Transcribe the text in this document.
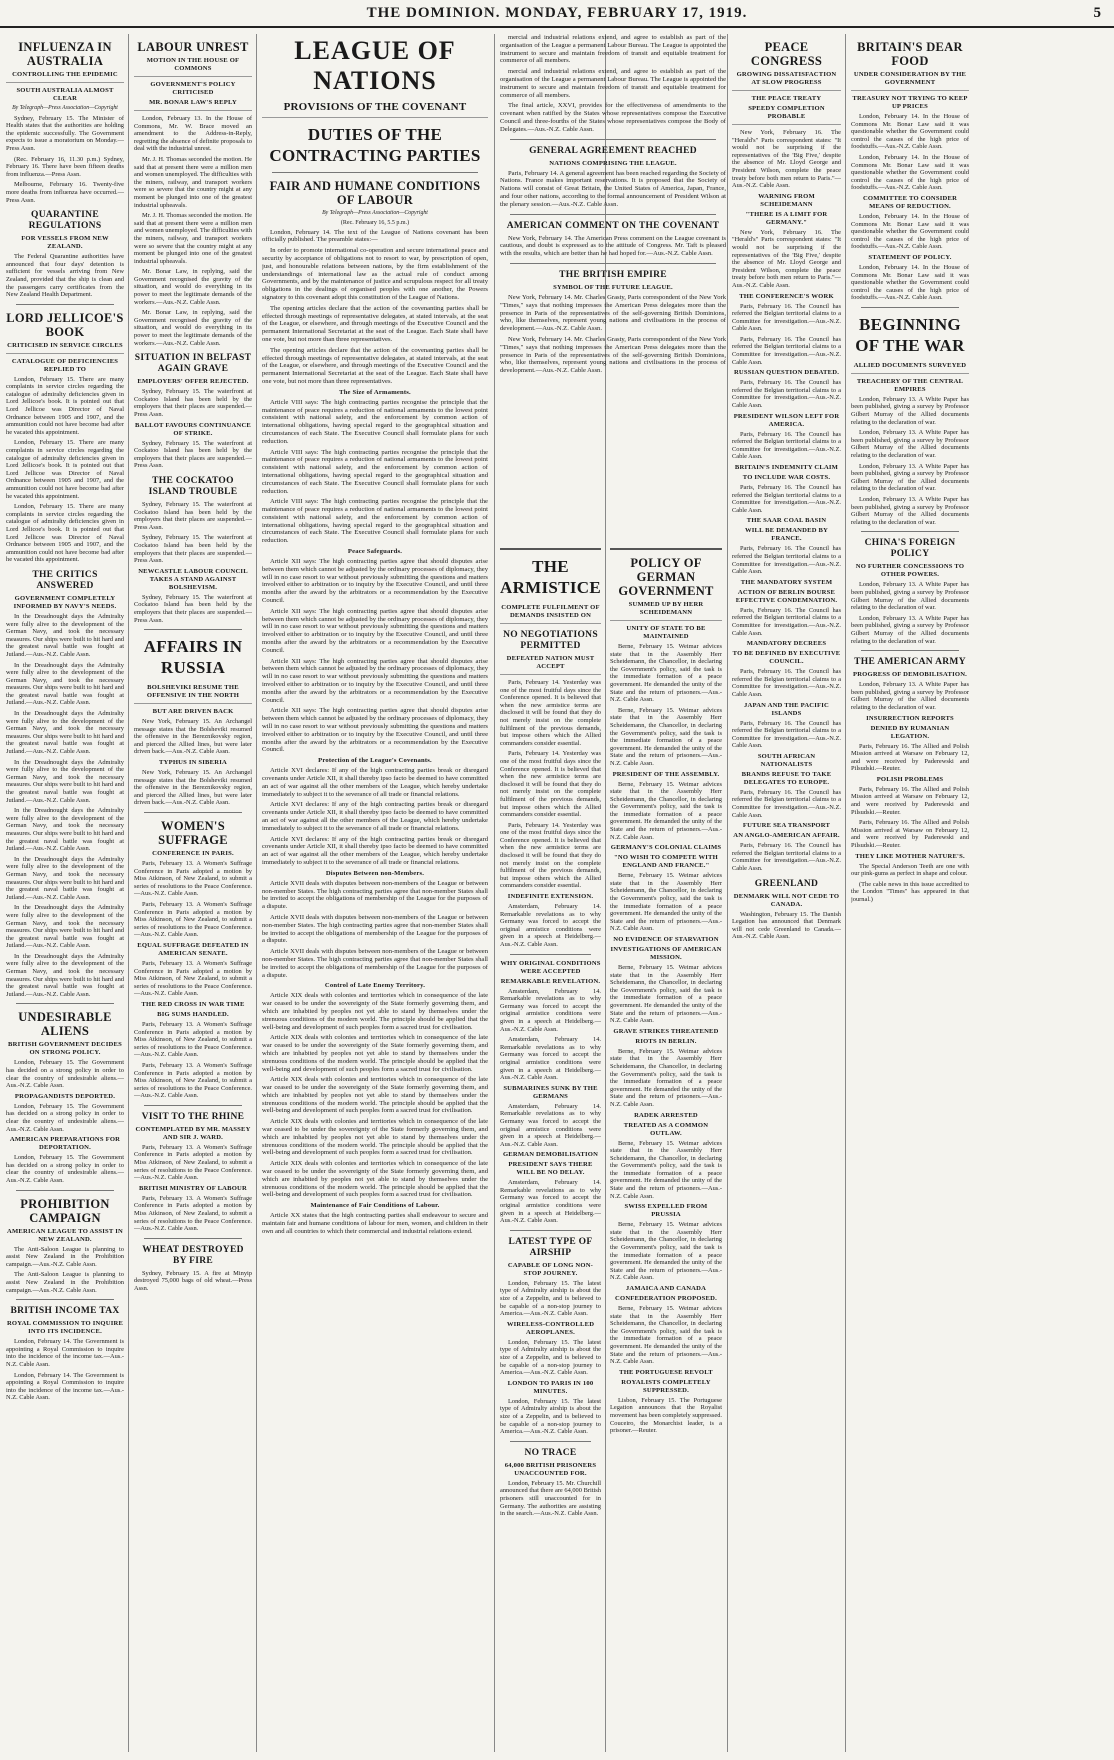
THE DOMINION. MONDAY, FEBRUARY 17, 1919.	5
INFLUENZA IN AUSTRALIA
CONTROLLING THE EPIDEMIC
SOUTH AUSTRALIA ALMOST CLEAR
By Telegraph—Press Association—Copyright

Sydney, February 15. The Minister of Health states that the authorities are holding the epidemic successfully. The Government expects to issue a moratorium on Monday.—Press Assn.

(Rec. February 16, 11.30 p.m.) Sydney, February 16. There have been fifteen deaths from influenza.—Press Assn.

Melbourne, February 16. Twenty-five more deaths from influenza have occurred.—Press Assn.

QUARANTINE REGULATIONS
FOR VESSELS FROM NEW ZEALAND.

The Federal Quarantine authorities have announced that four days' detention is sufficient for vessels arriving from New Zealand, provided that the ship is clean and the passengers carry certificates from the New Zealand Health Department.

LORD JELLICOE'S BOOK
CRITICISED IN SERVICE CIRCLES
CATALOGUE OF DEFICIENCIES REPLIED TO

London, February 15. There are many complaints in service circles regarding the catalogue of admiralty deficiencies given in Lord Jellicoe's book. It is pointed out that Lord Jellicoe was Director of Naval Ordnance between 1905 and 1907, and the ammunition could not have become bad after he vacated this appointment.

London, February 15. There are many complaints in service circles regarding the catalogue of admiralty deficiencies given in Lord Jellicoe's book. It is pointed out that Lord Jellicoe was Director of Naval Ordnance between 1905 and 1907, and the ammunition could not have become bad after he vacated this appointment.

London, February 15. There are many complaints in service circles regarding the catalogue of admiralty deficiencies given in Lord Jellicoe's book. It is pointed out that Lord Jellicoe was Director of Naval Ordnance between 1905 and 1907, and the ammunition could not have become bad after he vacated this appointment.

THE CRITICS ANSWERED
GOVERNMENT COMPLETELY INFORMED BY NAVY'S NEEDS.

In the Dreadnought days the Admiralty were fully alive to the development of the German Navy, and took the necessary measures. Our ships were built to hit hard and the greatest naval battle was fought at Jutland.—Aus.-N.Z. Cable Assn.

In the Dreadnought days the Admiralty were fully alive to the development of the German Navy, and took the necessary measures. Our ships were built to hit hard and the greatest naval battle was fought at Jutland.—Aus.-N.Z. Cable Assn.

In the Dreadnought days the Admiralty were fully alive to the development of the German Navy, and took the necessary measures. Our ships were built to hit hard and the greatest naval battle was fought at Jutland.—Aus.-N.Z. Cable Assn.

In the Dreadnought days the Admiralty were fully alive to the development of the German Navy, and took the necessary measures. Our ships were built to hit hard and the greatest naval battle was fought at Jutland.—Aus.-N.Z. Cable Assn.

In the Dreadnought days the Admiralty were fully alive to the development of the German Navy, and took the necessary measures. Our ships were built to hit hard and the greatest naval battle was fought at Jutland.—Aus.-N.Z. Cable Assn.

In the Dreadnought days the Admiralty were fully alive to the development of the German Navy, and took the necessary measures. Our ships were built to hit hard and the greatest naval battle was fought at Jutland.—Aus.-N.Z. Cable Assn.

In the Dreadnought days the Admiralty were fully alive to the development of the German Navy, and took the necessary measures. Our ships were built to hit hard and the greatest naval battle was fought at Jutland.—Aus.-N.Z. Cable Assn.

In the Dreadnought days the Admiralty were fully alive to the development of the German Navy, and took the necessary measures. Our ships were built to hit hard and the greatest naval battle was fought at Jutland.—Aus.-N.Z. Cable Assn.

UNDESIRABLE ALIENS
BRITISH GOVERNMENT DECIDES ON STRONG POLICY.

London, February 15. The Government has decided on a strong policy in order to clear the country of undesirable aliens.—Aus.-N.Z. Cable Assn.

PROPAGANDISTS DEPORTED.

London, February 15. The Government has decided on a strong policy in order to clear the country of undesirable aliens.—Aus.-N.Z. Cable Assn.

AMERICAN PREPARATIONS FOR DEPORTATION.

London, February 15. The Government has decided on a strong policy in order to clear the country of undesirable aliens.—Aus.-N.Z. Cable Assn.

PROHIBITION CAMPAIGN
AMERICAN LEAGUE TO ASSIST IN NEW ZEALAND.

The Anti-Saloon League is planning to assist New Zealand in the Prohibition campaign.—Aus.-N.Z. Cable Assn.

The Anti-Saloon League is planning to assist New Zealand in the Prohibition campaign.—Aus.-N.Z. Cable Assn.

BRITISH INCOME TAX
ROYAL COMMISSION TO INQUIRE INTO ITS INCIDENCE.

London, February 14. The Government is appointing a Royal Commission to inquire into the incidence of the income tax.—Aus.-N.Z. Cable Assn.

London, February 14. The Government is appointing a Royal Commission to inquire into the incidence of the income tax.—Aus.-N.Z. Cable Assn.

LABOUR UNREST
MOTION IN THE HOUSE OF COMMONS
GOVERNMENT'S POLICY CRITICISED
MR. BONAR LAW'S REPLY

London, February 13. In the House of Commons, Mr. W. Brace moved an amendment to the Address-in-Reply, regretting the absence of definite proposals to deal with the industrial unrest.

Mr. J. H. Thomas seconded the motion. He said that at present there were a million men and women unemployed. The difficulties with the miners, railway, and transport workers were so severe that the country might at any moment be plunged into one of the greatest industrial upheavals.

Mr. J. H. Thomas seconded the motion. He said that at present there were a million men and women unemployed. The difficulties with the miners, railway, and transport workers were so severe that the country might at any moment be plunged into one of the greatest industrial upheavals.

Mr. Bonar Law, in replying, said the Government recognised the gravity of the situation, and would do everything in its power to meet the legitimate demands of the workers.—Aus.-N.Z. Cable Assn.

Mr. Bonar Law, in replying, said the Government recognised the gravity of the situation, and would do everything in its power to meet the legitimate demands of the workers.—Aus.-N.Z. Cable Assn.

SITUATION IN BELFAST AGAIN GRAVE
EMPLOYERS' OFFER REJECTED.

Sydney, February 15. The waterfront at Cockatoo Island has been held by the employers that their places are suspended.—Press Assn.

BALLOT FAVOURS CONTINUANCE OF STRIKE.

Sydney, February 15. The waterfront at Cockatoo Island has been held by the employers that their places are suspended.—Press Assn.

THE COCKATOO ISLAND TROUBLE

Sydney, February 15. The waterfront at Cockatoo Island has been held by the employers that their places are suspended.—Press Assn.

Sydney, February 15. The waterfront at Cockatoo Island has been held by the employers that their places are suspended.—Press Assn.

NEWCASTLE LABOUR COUNCIL TAKES A STAND AGAINST BOLSHEVISM.

Sydney, February 15. The waterfront at Cockatoo Island has been held by the employers that their places are suspended.—Press Assn.

AFFAIRS IN RUSSIA
BOLSHEVIKI RESUME THE OFFENSIVE IN THE NORTH
BUT ARE DRIVEN BACK

New York, February 15. An Archangel message states that the Bolsheviki resumed the offensive in the Bereznikovsky region, and pierced the Allied lines, but were later driven back.—Aus.-N.Z. Cable Assn.

TYPHUS IN SIBERIA

New York, February 15. An Archangel message states that the Bolsheviki resumed the offensive in the Bereznikovsky region, and pierced the Allied lines, but were later driven back.—Aus.-N.Z. Cable Assn.

WOMEN'S SUFFRAGE
CONFERENCE IN PARIS.

Paris, February 13. A Women's Suffrage Conference in Paris adopted a motion by Miss Atkinson, of New Zealand, to submit a series of resolutions to the Peace Conference.—Aus.-N.Z. Cable Assn.

Paris, February 13. A Women's Suffrage Conference in Paris adopted a motion by Miss Atkinson, of New Zealand, to submit a series of resolutions to the Peace Conference.—Aus.-N.Z. Cable Assn.

EQUAL SUFFRAGE DEFEATED IN AMERICAN SENATE.

Paris, February 13. A Women's Suffrage Conference in Paris adopted a motion by Miss Atkinson, of New Zealand, to submit a series of resolutions to the Peace Conference.—Aus.-N.Z. Cable Assn.

THE RED CROSS IN WAR TIME
BIG SUMS HANDLED.

Paris, February 13. A Women's Suffrage Conference in Paris adopted a motion by Miss Atkinson, of New Zealand, to submit a series of resolutions to the Peace Conference.—Aus.-N.Z. Cable Assn.

Paris, February 13. A Women's Suffrage Conference in Paris adopted a motion by Miss Atkinson, of New Zealand, to submit a series of resolutions to the Peace Conference.—Aus.-N.Z. Cable Assn.

VISIT TO THE RHINE
CONTEMPLATED BY MR. MASSEY AND SIR J. WARD.

Paris, February 13. A Women's Suffrage Conference in Paris adopted a motion by Miss Atkinson, of New Zealand, to submit a series of resolutions to the Peace Conference.—Aus.-N.Z. Cable Assn.

BRITISH MINISTRY OF LABOUR

Paris, February 13. A Women's Suffrage Conference in Paris adopted a motion by Miss Atkinson, of New Zealand, to submit a series of resolutions to the Peace Conference.—Aus.-N.Z. Cable Assn.

WHEAT DESTROYED BY FIRE

Sydney, February 15. A fire at Minyip destroyed 75,000 bags of old wheat.—Press Assn.

LEAGUE OF NATIONS
PROVISIONS OF THE COVENANT
DUTIES OF THE CONTRACTING PARTIES
FAIR AND HUMANE CONDITIONS OF LABOUR
By Telegraph—Press Association—Copyright
(Rec. February 16, 5.5 p.m.)

London, February 14. The text of the League of Nations covenant has been officially published. The preamble states:—

In order to promote international co-operation and secure international peace and security by acceptance of obligations not to resort to war, by prescription of open, just, and honourable relations between nations, by the firm establishment of the understandings of international law as the actual rule of conduct among Governments, and by the maintenance of justice and scrupulous respect for all treaty obligations in the dealings of organised peoples with one another, the Powers signatory to this covenant adopt this constitution of the League of Nations.

The opening articles declare that the action of the covenanting parties shall be effected through meetings of representative delegates, at stated intervals, at the seat of the League, or elsewhere, and through meetings of the Executive Council and the permanent International Secretariat at the seat of the League. Each State shall have one vote, but not more than three representatives.

The opening articles declare that the action of the covenanting parties shall be effected through meetings of representative delegates, at stated intervals, at the seat of the League, or elsewhere, and through meetings of the Executive Council and the permanent International Secretariat at the seat of the League. Each State shall have one vote, but not more than three representatives.

The Size of Armaments.

Article VIII says: The high contracting parties recognise the principle that the maintenance of peace requires a reduction of national armaments to the lowest point consistent with national safety, and the enforcement by common action of international obligations, having special regard to the geographical situation and circumstances of each State. The Executive Council shall formulate plans for such reduction.

Article VIII says: The high contracting parties recognise the principle that the maintenance of peace requires a reduction of national armaments to the lowest point consistent with national safety, and the enforcement by common action of international obligations, having special regard to the geographical situation and circumstances of each State. The Executive Council shall formulate plans for such reduction.

Article VIII says: The high contracting parties recognise the principle that the maintenance of peace requires a reduction of national armaments to the lowest point consistent with national safety, and the enforcement by common action of international obligations, having special regard to the geographical situation and circumstances of each State. The Executive Council shall formulate plans for such reduction.

Peace Safeguards.

Article XII says: The high contracting parties agree that should disputes arise between them which cannot be adjusted by the ordinary processes of diplomacy, they will in no case resort to war without previously submitting the questions and matters involved either to arbitration or to inquiry by the Executive Council, and until three months after the award by the arbitrators or a recommendation by the Executive Council.

Article XII says: The high contracting parties agree that should disputes arise between them which cannot be adjusted by the ordinary processes of diplomacy, they will in no case resort to war without previously submitting the questions and matters involved either to arbitration or to inquiry by the Executive Council, and until three months after the award by the arbitrators or a recommendation by the Executive Council.

Article XII says: The high contracting parties agree that should disputes arise between them which cannot be adjusted by the ordinary processes of diplomacy, they will in no case resort to war without previously submitting the questions and matters involved either to arbitration or to inquiry by the Executive Council, and until three months after the award by the arbitrators or a recommendation by the Executive Council.

Article XII says: The high contracting parties agree that should disputes arise between them which cannot be adjusted by the ordinary processes of diplomacy, they will in no case resort to war without previously submitting the questions and matters involved either to arbitration or to inquiry by the Executive Council, and until three months after the award by the arbitrators or a recommendation by the Executive Council.

Protection of the League's Covenants.

Article XVI declares: If any of the high contracting parties break or disregard covenants under Article XII, it shall thereby ipso facto be deemed to have committed an act of war against all the other members of the League, which hereby undertake immediately to subject it to the severance of all trade or financial relations.

Article XVI declares: If any of the high contracting parties break or disregard covenants under Article XII, it shall thereby ipso facto be deemed to have committed an act of war against all the other members of the League, which hereby undertake immediately to subject it to the severance of all trade or financial relations.

Article XVI declares: If any of the high contracting parties break or disregard covenants under Article XII, it shall thereby ipso facto be deemed to have committed an act of war against all the other members of the League, which hereby undertake immediately to subject it to the severance of all trade or financial relations.

Disputes Between non-Members.

Article XVII deals with disputes between non-members of the League or between non-member States. The high contracting parties agree that non-member States shall be invited to accept the obligations of membership of the League for the purposes of a dispute.

Article XVII deals with disputes between non-members of the League or between non-member States. The high contracting parties agree that non-member States shall be invited to accept the obligations of membership of the League for the purposes of a dispute.

Article XVII deals with disputes between non-members of the League or between non-member States. The high contracting parties agree that non-member States shall be invited to accept the obligations of membership of the League for the purposes of a dispute.

Control of Late Enemy Territory.

Article XIX deals with colonies and territories which in consequence of the late war ceased to be under the sovereignty of the State formerly governing them, and which are inhabited by peoples not yet able to stand by themselves under the strenuous conditions of the modern world. The principle should be applied that the well-being and development of such peoples form a sacred trust for civilisation.

Article XIX deals with colonies and territories which in consequence of the late war ceased to be under the sovereignty of the State formerly governing them, and which are inhabited by peoples not yet able to stand by themselves under the strenuous conditions of the modern world. The principle should be applied that the well-being and development of such peoples form a sacred trust for civilisation.

Article XIX deals with colonies and territories which in consequence of the late war ceased to be under the sovereignty of the State formerly governing them, and which are inhabited by peoples not yet able to stand by themselves under the strenuous conditions of the modern world. The principle should be applied that the well-being and development of such peoples form a sacred trust for civilisation.

Article XIX deals with colonies and territories which in consequence of the late war ceased to be under the sovereignty of the State formerly governing them, and which are inhabited by peoples not yet able to stand by themselves under the strenuous conditions of the modern world. The principle should be applied that the well-being and development of such peoples form a sacred trust for civilisation.

Article XIX deals with colonies and territories which in consequence of the late war ceased to be under the sovereignty of the State formerly governing them, and which are inhabited by peoples not yet able to stand by themselves under the strenuous conditions of the modern world. The principle should be applied that the well-being and development of such peoples form a sacred trust for civilisation.

Maintenance of Fair Conditions of Labour.

Article XX states that the high contracting parties shall endeavour to secure and maintain fair and humane conditions of labour for men, women, and children in their own and all countries to which their commercial and industrial relations extend.

mercial and industrial relations extend, and agree to establish as part of the organisation of the League a permanent Labour Bureau. The League is appointed the instrument to secure and maintain freedom of transit and equitable treatment for commerce of all members.

mercial and industrial relations extend, and agree to establish as part of the organisation of the League a permanent Labour Bureau. The League is appointed the instrument to secure and maintain freedom of transit and equitable treatment for commerce of all members.

The final article, XXVI, provides for the effectiveness of amendments to the covenant when ratified by the States whose representatives compose the Executive Council and three-fourths of the States whose representatives compose the Body of Delegates.—Aus.-N.Z. Cable Assn.

GENERAL AGREEMENT REACHED
NATIONS COMPRISING THE LEAGUE.

Paris, February 14. A general agreement has been reached regarding the Society of Nations. France makes important reservations. It is proposed that the Society of Nations will consist of Great Britain, the United States of America, Japan, France, and four other nations, according to the formal announcement of President Wilson at the plenary session.—Aus.-N.Z. Cable Assn.

AMERICAN COMMENT ON THE COVENANT

New York, February 14. The American Press comment on the League covenant is cautious, and doubt is expressed as to the attitude of Congress. Mr. Taft is pleased with the results, which are better than he had hoped for.—Aus.-N.Z. Cable Assn.

THE BRITISH EMPIRE
SYMBOL OF THE FUTURE LEAGUE.

New York, February 14. Mr. Charles Grasty, Paris correspondent of the New York "Times," says that nothing impresses the American Press delegates more than the presence in Paris of the representatives of the self-governing British Dominions, who, like themselves, represent young nations and civilisations in the process of development.—Aus.-N.Z. Cable Assn.

New York, February 14. Mr. Charles Grasty, Paris correspondent of the New York "Times," says that nothing impresses the American Press delegates more than the presence in Paris of the representatives of the self-governing British Dominions, who, like themselves, represent young nations and civilisations in the process of development.—Aus.-N.Z. Cable Assn.

THE ARMISTICE
COMPLETE FULFILMENT OF DEMANDS INSISTED ON
NO NEGOTIATIONS PERMITTED
DEFEATED NATION MUST ACCEPT

Paris, February 14. Yesterday was one of the most fruitful days since the Conference opened. It is believed that when the new armistice terms are disclosed it will be found that they do not merely insist on the complete fulfilment of the previous demands, but impose others which the Allied commanders consider essential.

Paris, February 14. Yesterday was one of the most fruitful days since the Conference opened. It is believed that when the new armistice terms are disclosed it will be found that they do not merely insist on the complete fulfilment of the previous demands, but impose others which the Allied commanders consider essential.

Paris, February 14. Yesterday was one of the most fruitful days since the Conference opened. It is believed that when the new armistice terms are disclosed it will be found that they do not merely insist on the complete fulfilment of the previous demands, but impose others which the Allied commanders consider essential.

INDEFINITE EXTENSION.

Amsterdam, February 14. Remarkable revelations as to why Germany was forced to accept the original armistice conditions were given in a speech at Heidelberg.—Aus.-N.Z. Cable Assn.

WHY ORIGINAL CONDITIONS WERE ACCEPTED
REMARKABLE REVELATION.

Amsterdam, February 14. Remarkable revelations as to why Germany was forced to accept the original armistice conditions were given in a speech at Heidelberg.—Aus.-N.Z. Cable Assn.

Amsterdam, February 14. Remarkable revelations as to why Germany was forced to accept the original armistice conditions were given in a speech at Heidelberg.—Aus.-N.Z. Cable Assn.

SUBMARINES SUNK BY THE GERMANS

Amsterdam, February 14. Remarkable revelations as to why Germany was forced to accept the original armistice conditions were given in a speech at Heidelberg.—Aus.-N.Z. Cable Assn.

GERMAN DEMOBILISATION
PRESIDENT SAYS THERE WILL BE NO DELAY.

Amsterdam, February 14. Remarkable revelations as to why Germany was forced to accept the original armistice conditions were given in a speech at Heidelberg.—Aus.-N.Z. Cable Assn.

LATEST TYPE OF AIRSHIP
CAPABLE OF LONG NON-STOP JOURNEY.

London, February 15. The latest type of Admiralty airship is about the size of a Zeppelin, and is believed to be capable of a non-stop journey to America.—Aus.-N.Z. Cable Assn.

WIRELESS-CONTROLLED AEROPLANES.

London, February 15. The latest type of Admiralty airship is about the size of a Zeppelin, and is believed to be capable of a non-stop journey to America.—Aus.-N.Z. Cable Assn.

LONDON TO PARIS IN 100 MINUTES.

London, February 15. The latest type of Admiralty airship is about the size of a Zeppelin, and is believed to be capable of a non-stop journey to America.—Aus.-N.Z. Cable Assn.

NO TRACE
64,000 BRITISH PRISONERS UNACCOUNTED FOR.

London, February 15. Mr. Churchill announced that there are 64,000 British prisoners still unaccounted for in Germany. The authorities are assisting in the search.—Aus.-N.Z. Cable Assn.

POLICY OF GERMAN GOVERNMENT
SUMMED UP BY HERR SCHEIDEMANN
UNITY OF STATE TO BE MAINTAINED

Berne, February 15. Weimar advices state that in the Assembly Herr Scheidemann, the Chancellor, in declaring the Government's policy, said the task is the immediate formation of a peace government. He demanded the unity of the State and the return of prisoners.—Aus.-N.Z. Cable Assn.

Berne, February 15. Weimar advices state that in the Assembly Herr Scheidemann, the Chancellor, in declaring the Government's policy, said the task is the immediate formation of a peace government. He demanded the unity of the State and the return of prisoners.—Aus.-N.Z. Cable Assn.

PRESIDENT OF THE ASSEMBLY.

Berne, February 15. Weimar advices state that in the Assembly Herr Scheidemann, the Chancellor, in declaring the Government's policy, said the task is the immediate formation of a peace government. He demanded the unity of the State and the return of prisoners.—Aus.-N.Z. Cable Assn.

GERMANY'S COLONIAL CLAIMS
"NO WISH TO COMPETE WITH ENGLAND AND FRANCE."

Berne, February 15. Weimar advices state that in the Assembly Herr Scheidemann, the Chancellor, in declaring the Government's policy, said the task is the immediate formation of a peace government. He demanded the unity of the State and the return of prisoners.—Aus.-N.Z. Cable Assn.

NO EVIDENCE OF STARVATION
INVESTIGATIONS OF AMERICAN MISSION.

Berne, February 15. Weimar advices state that in the Assembly Herr Scheidemann, the Chancellor, in declaring the Government's policy, said the task is the immediate formation of a peace government. He demanded the unity of the State and the return of prisoners.—Aus.-N.Z. Cable Assn.

GRAVE STRIKES THREATENED
RIOTS IN BERLIN.

Berne, February 15. Weimar advices state that in the Assembly Herr Scheidemann, the Chancellor, in declaring the Government's policy, said the task is the immediate formation of a peace government. He demanded the unity of the State and the return of prisoners.—Aus.-N.Z. Cable Assn.

RADEK ARRESTED
TREATED AS A COMMON OUTLAW.

Berne, February 15. Weimar advices state that in the Assembly Herr Scheidemann, the Chancellor, in declaring the Government's policy, said the task is the immediate formation of a peace government. He demanded the unity of the State and the return of prisoners.—Aus.-N.Z. Cable Assn.

SWISS EXPELLED FROM PRUSSIA

Berne, February 15. Weimar advices state that in the Assembly Herr Scheidemann, the Chancellor, in declaring the Government's policy, said the task is the immediate formation of a peace government. He demanded the unity of the State and the return of prisoners.—Aus.-N.Z. Cable Assn.

JAMAICA AND CANADA
CONFEDERATION PROPOSED.

Berne, February 15. Weimar advices state that in the Assembly Herr Scheidemann, the Chancellor, in declaring the Government's policy, said the task is the immediate formation of a peace government. He demanded the unity of the State and the return of prisoners.—Aus.-N.Z. Cable Assn.

THE PORTUGUESE REVOLT
ROYALISTS COMPLETELY SUPPRESSED.

Lisbon, February 15. The Portuguese Legation announces that the Royalist movement has been completely suppressed. Couceiro, the Monarchist leader, is a prisoner.—Reuter.

PEACE CONGRESS
GROWING DISSATISFACTION AT SLOW PROGRESS
THE PEACE TREATY
SPEEDY COMPLETION PROBABLE

New York, February 16. The "Herald's" Paris correspondent states: "It would not be surprising if the representatives of the 'Big Five,' despite the absence of Mr. Lloyd George and President Wilson, complete the peace treaty before both men return to Paris."—Aus.-N.Z. Cable Assn.

WARNING FROM SCHEIDEMANN
"THERE IS A LIMIT FOR GERMANY."

New York, February 16. The "Herald's" Paris correspondent states: "It would not be surprising if the representatives of the 'Big Five,' despite the absence of Mr. Lloyd George and President Wilson, complete the peace treaty before both men return to Paris."—Aus.-N.Z. Cable Assn.

THE CONFERENCE'S WORK

Paris, February 16. The Council has referred the Belgian territorial claims to a Committee for investigation.—Aus.-N.Z. Cable Assn.

Paris, February 16. The Council has referred the Belgian territorial claims to a Committee for investigation.—Aus.-N.Z. Cable Assn.

RUSSIAN QUESTION DEBATED.

Paris, February 16. The Council has referred the Belgian territorial claims to a Committee for investigation.—Aus.-N.Z. Cable Assn.

PRESIDENT WILSON LEFT FOR AMERICA.

Paris, February 16. The Council has referred the Belgian territorial claims to a Committee for investigation.—Aus.-N.Z. Cable Assn.

BRITAIN'S INDEMNITY CLAIM
TO INCLUDE WAR COSTS.

Paris, February 16. The Council has referred the Belgian territorial claims to a Committee for investigation.—Aus.-N.Z. Cable Assn.

THE SAAR COAL BASIN
WILL BE DEMANDED BY FRANCE.

Paris, February 16. The Council has referred the Belgian territorial claims to a Committee for investigation.—Aus.-N.Z. Cable Assn.

THE MANDATORY SYSTEM
ACTION OF BERLIN BOURSE EFFECTIVE CONDEMNATION.

Paris, February 16. The Council has referred the Belgian territorial claims to a Committee for investigation.—Aus.-N.Z. Cable Assn.

MANDATORY DECREES
TO BE DEFINED BY EXECUTIVE COUNCIL.

Paris, February 16. The Council has referred the Belgian territorial claims to a Committee for investigation.—Aus.-N.Z. Cable Assn.

JAPAN AND THE PACIFIC ISLANDS

Paris, February 16. The Council has referred the Belgian territorial claims to a Committee for investigation.—Aus.-N.Z. Cable Assn.

SOUTH AFRICAN NATIONALISTS
BRANDS REFUSE TO TAKE DELEGATES TO EUROPE.

Paris, February 16. The Council has referred the Belgian territorial claims to a Committee for investigation.—Aus.-N.Z. Cable Assn.

FUTURE SEA TRANSPORT
AN ANGLO-AMERICAN AFFAIR.

Paris, February 16. The Council has referred the Belgian territorial claims to a Committee for investigation.—Aus.-N.Z. Cable Assn.

GREENLAND
DENMARK WILL NOT CEDE TO CANADA.

Washington, February 15. The Danish Legation has announced that Denmark will not cede Greenland to Canada.—Aus.-N.Z. Cable Assn.

BRITAIN'S DEAR FOOD
UNDER CONSIDERATION BY THE GOVERNMENT
TREASURY NOT TRYING TO KEEP UP PRICES

London, February 14. In the House of Commons Mr. Bonar Law said it was questionable whether the Government could control the causes of the high price of foodstuffs.—Aus.-N.Z. Cable Assn.

London, February 14. In the House of Commons Mr. Bonar Law said it was questionable whether the Government could control the causes of the high price of foodstuffs.—Aus.-N.Z. Cable Assn.

COMMITTEE TO CONSIDER MEANS OF REDUCTION.

London, February 14. In the House of Commons Mr. Bonar Law said it was questionable whether the Government could control the causes of the high price of foodstuffs.—Aus.-N.Z. Cable Assn.

STATEMENT OF POLICY.

London, February 14. In the House of Commons Mr. Bonar Law said it was questionable whether the Government could control the causes of the high price of foodstuffs.—Aus.-N.Z. Cable Assn.

BEGINNING OF THE WAR
ALLIED DOCUMENTS SURVEYED
TREACHERY OF THE CENTRAL EMPIRES

London, February 13. A White Paper has been published, giving a survey by Professor Gilbert Murray of the Allied documents relating to the declaration of war.

London, February 13. A White Paper has been published, giving a survey by Professor Gilbert Murray of the Allied documents relating to the declaration of war.

London, February 13. A White Paper has been published, giving a survey by Professor Gilbert Murray of the Allied documents relating to the declaration of war.

London, February 13. A White Paper has been published, giving a survey by Professor Gilbert Murray of the Allied documents relating to the declaration of war.

CHINA'S FOREIGN POLICY
NO FURTHER CONCESSIONS TO OTHER POWERS.

London, February 13. A White Paper has been published, giving a survey by Professor Gilbert Murray of the Allied documents relating to the declaration of war.

London, February 13. A White Paper has been published, giving a survey by Professor Gilbert Murray of the Allied documents relating to the declaration of war.

THE AMERICAN ARMY
PROGRESS OF DEMOBILISATION.

London, February 13. A White Paper has been published, giving a survey by Professor Gilbert Murray of the Allied documents relating to the declaration of war.

INSURRECTION REPORTS
DENIED BY RUMANIAN LEGATION.

Paris, February 16. The Allied and Polish Mission arrived at Warsaw on February 12, and were received by Paderewski and Pilsudski.—Reuter.

POLISH PROBLEMS

Paris, February 16. The Allied and Polish Mission arrived at Warsaw on February 12, and were received by Paderewski and Pilsudski.—Reuter.

Paris, February 16. The Allied and Polish Mission arrived at Warsaw on February 12, and were received by Paderewski and Pilsudski.—Reuter.

THEY LIKE MOTHER NATURE'S.

The Special Anderson Teeth are one with our pink-gums as perfect in shape and colour.

(The cable news in this issue accredited to the London "Times" has appeared in that journal.)
